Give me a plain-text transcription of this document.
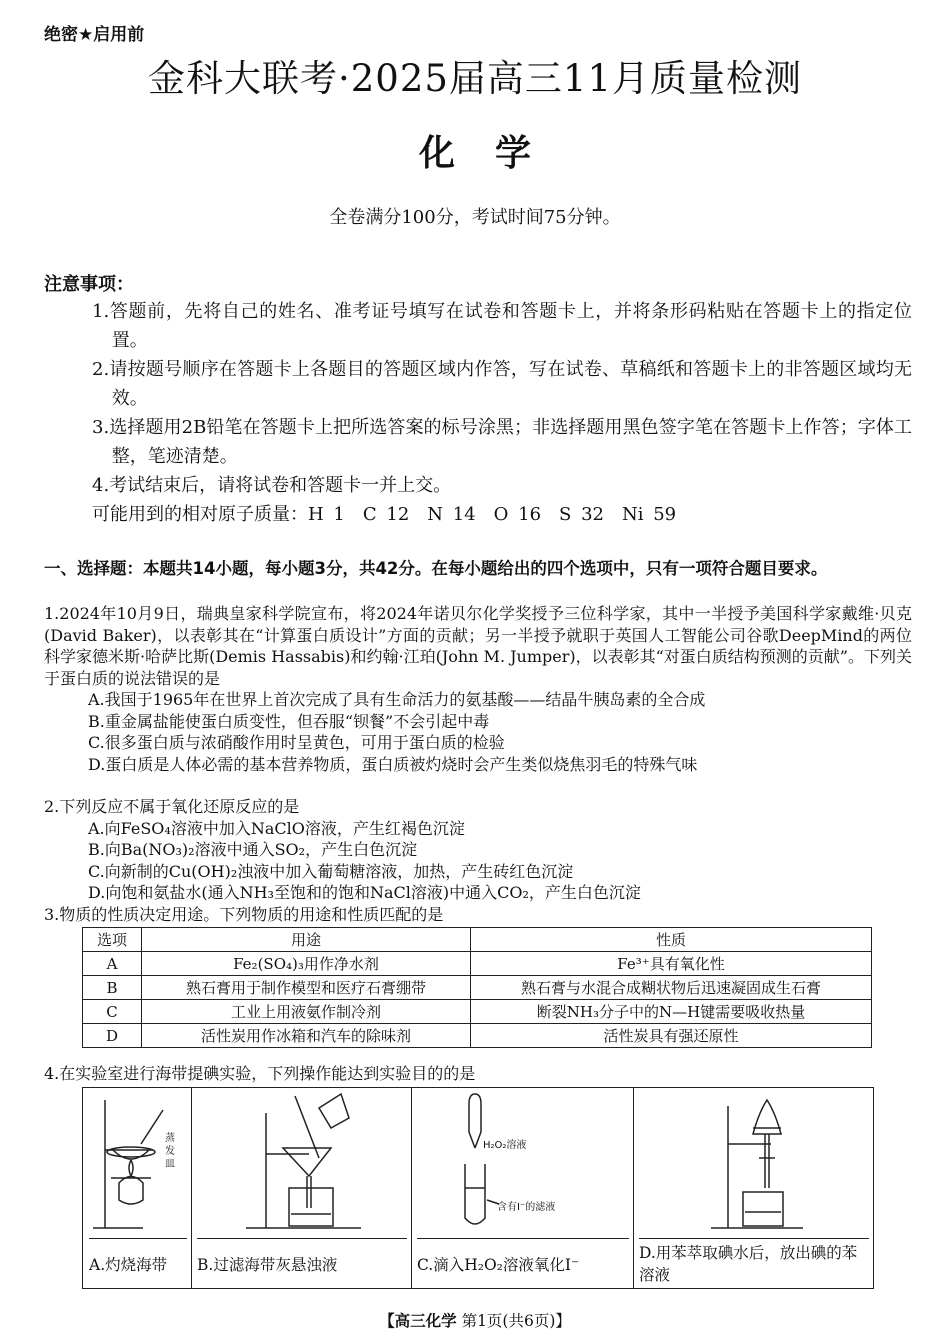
绝密★启用前
金科大联考·2025届高三11月质量检测
化学
全卷满分100分，考试时间75分钟。
注意事项：

1.答题前，先将自己的姓名、准考证号填写在试卷和答题卡上，并将条形码粘贴在答题卡上的指定位置。

2.请按题号顺序在答题卡上各题目的答题区域内作答，写在试卷、草稿纸和答题卡上的非答题区域均无效。

3.选择题用2B铅笔在答题卡上把所选答案的标号涂黑；非选择题用黑色签字笔在答题卡上作答；字体工整，笔迹清楚。

4.考试结束后，请将试卷和答题卡一并上交。

可能用到的相对原子质量：H 1　C 12　N 14　O 16　S 32　Ni 59
一、选择题：本题共14小题，每小题3分，共42分。在每小题给出的四个选项中，只有一项符合题目要求。

1.2024年10月9日，瑞典皇家科学院宣布，将2024年诺贝尔化学奖授予三位科学家，其中一半授予美国科学家戴维·贝克(David Baker)，以表彰其在“计算蛋白质设计”方面的贡献；另一半授予就职于英国人工智能公司谷歌DeepMind的两位科学家德米斯·哈萨比斯(Demis Hassabis)和约翰·江珀(John M. Jumper)，以表彰其“对蛋白质结构预测的贡献”。下列关于蛋白质的说法错误的是

A.我国于1965年在世界上首次完成了具有生命活力的氨基酸——结晶牛胰岛素的全合成

B.重金属盐能使蛋白质变性，但吞服“钡餐”不会引起中毒

C.很多蛋白质与浓硝酸作用时呈黄色，可用于蛋白质的检验

D.蛋白质是人体必需的基本营养物质，蛋白质被灼烧时会产生类似烧焦羽毛的特殊气味

2.下列反应不属于氧化还原反应的是

A.向FeSO₄溶液中加入NaClO溶液，产生红褐色沉淀

B.向Ba(NO₃)₂溶液中通入SO₂，产生白色沉淀

C.向新制的Cu(OH)₂浊液中加入葡萄糖溶液，加热，产生砖红色沉淀

D.向饱和氨盐水(通入NH₃至饱和的饱和NaCl溶液)中通入CO₂，产生白色沉淀

3.物质的性质决定用途。下列物质的用途和性质匹配的是

选项	用途	性质
A	Fe₂(SO₄)₃用作净水剂	Fe³⁺具有氧化性
B	熟石膏用于制作模型和医疗石膏绷带	熟石膏与水混合成糊状物后迅速凝固成生石膏
C	工业上用液氨作制冷剂	断裂NH₃分子中的N—H键需要吸收热量
D	活性炭用作冰箱和汽车的除味剂	活性炭具有强还原性

4.在实验室进行海带提碘实验，下列操作能达到实验目的的是

蒸发皿
A.灼烧海带	B.过滤海带灰悬浊液
H₂O₂溶液
含有I⁻的滤液
C.滴入H₂O₂溶液氧化I⁻
D.用苯萃取碘水后，放出碘的苯溶液
【高三化学 第1页(共6页)】
